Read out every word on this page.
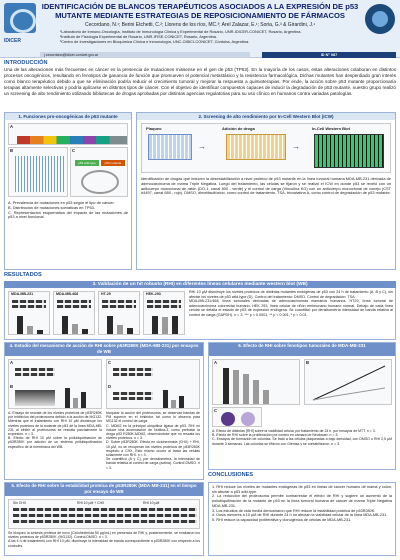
IDICER
IDENTIFICACIÓN DE BLANCOS TERAPÉUTICOS ASOCIADOS A LA EXPRESIÓN DE p53 MUTANTE MEDIANTE ESTRATEGIAS DE REPOSICIONAMIENTO DE FÁRMACOS
Cecordano, N.¹; Berini Etchetti, C.²; Llorens de los ríos, MC.³; Arel Zalazar, E.¹; Soria, G.³ & Girardini, J.¹
¹Laboratorio de Inmuno-Oncología, Instituto de Inmunología Clínica y Experimental de Rosario, UNR-IDICER-CONICET, Rosario, Argentina.
²Instituto de Fisiología Experimental de Rosario, UNR-IFISE-CONICET, Rosario, Argentina.
³Centro de Investigaciones en Bioquímica Clínica e Inmunología, UNC-CIBICI-CONICET, Córdoba, Argentina.
j.cecordano@idicer-conicet.gov.ar	ID N° 087
INTRODUCCIÓN
Una de las alteraciones más frecuentes en cáncer es la presencia de mutaciones missense en el gen de p53 (TP53). En la mayoría de los casos, estas alteraciones colaboran en distintos procesos oncogénicos, resultando en fenotipos de ganancia de función que promueven el potencial metastásico y la resistencia farmacológica. Dichas mutantes han desperdiado gran interés como blanco terapéutico debido a que se eliminación podría reducir el crecimiento tumoral y mejorar la respuesta a quimioterapias. Por ende, la acción sobre p53 mutante proporcionaría terapias altamente selectivas y podría aplicarse en distintos tipos de cáncer. Con el objetivo de identificar compuestos capaces de inducir la degradación de p53 mutante, nuestro grupo realizó un screening de alto rendimiento utilizando bibliotecas de drogas aprobadas por distintas agencias regulatorias para su uso clínico en humanos contra variadas patologías.
1. Funciones pro-oncogénicas de p53 mutante
A
B	C
p53 wild-type	p53 mutante
A. Prevalencia de mutaciones en p53 según el tipo de cáncer.
B. Distribución de mutaciones somáticas en TP53.
C. Representación esquemática del impacto de las mutaciones de p53 a nivel funcional.
2. Screening de alto rendimiento por In-Cell Western Blot (ICW)
Plaqueo	Adición de droga	In-Cell Western Blot
→	→
Identificación de drogas que inducen la desestabilización a nivel proteico de p53 mutante en la línea tumoral humana MDA-MB-231 derivada de adenocarcinoma de mama Triple Negativa. Luego del tratamiento, las células se fijaron y se realizó el ICW en donde p53 se reveló con un anticuerpo monoclonal de ratón (DO-1, canal 800 - verde) y el control de carga (Vinculina KG) con un anticuerpo monoclonal de conejo (CST #4497, canal 680 - rojo). DMSO, dimetilsulfóxido, como control de tratamiento. TSA, tricostatina A, como control de degradación de p53 mutante.
RESULTADOS
3. Validación de un hit robusto (RHI) en diferentes líneas celulares mediante western blot (WB)
MDA-MB-231	MDA-MB-468	HT-29	HEK-293	RHI 10 µM disminuye los niveles proteicos de distintas mutantes endógenas de p53 con 24 h de tratamiento (A, B y C), sin afectar los niveles de p53 wild-type (D). Control del tratamiento: DMSO. Control de degradación: TSA.
MDA-MB-231/468, línea tumorales derivadas de adenocarcinomas mamarios humanos. HT29, línea tumoral de adenocarcinoma colorrectal humano. HEK 293, línea celular de riñón embrionario humano normal. Debajo de cada línea celular se detalla el estado de p53 de expresión endógena. Se cuantificó por densitometría intensidad de banda relativa al control de carga (GAPDH). n = 3. *** p < 0.0001, ** p < 0.001, * p < 0.01.
4. Estudio del mecanismo de acción de RHI sobre p53R280K (MDA-MB-231) por ensayos de WB
A
B
C
D
A. Ensayo de rescate de los niveles proteicos de p53R280K por inhibición del proteosoma debido a la acción de MG132. Mientras que el tratamiento con RHI 10 µM disminuye los niveles proteicos de la mutante de p53 de la línea MDA-MB-231 al inhibir al proteosoma se rescata parcialmente la expresión. n = 3.
B. Efecto de RHI 10 µM sobre la poliubiquitinación de p53R280K por adición de un sistema poliubiquitinación específico de la membrana del WB.
bloquear la acción del proteosoma, se observan bandas de PM superior en el inhibidor, tal como lo observa para MG132 el control de carga.
C. MDM2 es la principal ubiquitina ligasa de p53. RHI no induce una acumulación de Nutlina-3, como pretratar la droga p53 R280K-MDM2, observándose que no rescata los niveles proteicos. n = 3.
D. Sobre p53R280K. Efecto en cicloheximida (CHX) + RHI, 10 µM, no se recuperan los niveles proteicos de p53R280K respecto a CHX. Esto mismo ocurre al tratar las células solamente con RHI. n = 3.
Se cuantificó (A y C), por densitometría, la intensidad de banda relativa al control de carga (actina). Control DMSO. n = 3.
6. Efecto de RHI sobre fenotipos tumorales de MDA-MB-231
A	B
C
A. Efecto de distintas [RHI] sobre la viabilidad celular por tratamiento de 24 h, por ensayos de MTT. n = 3.
B. Efecto de RHI sobre la proliferación por conteo en cámara de Neubauer. n = 3.
C. Ensayos de formación de colonias. Se trató a las células plaqueadas a bajo densidad, con DMSO o RHI 2,5 µM durante 3 semanas. Las colonias se tiñeron con Giemsa y se contabilizaron. n = 3.
5. Efecto de RHI sobre la estabilidad proteica de p53R280K (MDA-MB-231) en el tiempo por ensayo de WB
Sin CHX	RHI 10 µM + CHX	RHI 10 µM
Se bloqueó la síntesis proteica de novo (Cicloheximida 50 µg/mL) en presencia de RHI y, posteriormente, se evaluaron los niveles proteicos de p53R280K, (MG132). Control DMSO. n = 3.
A las 4 h de tratamiento con RHI 10 µM, disminuye la intensidad de banda correspondiente a p53R280K con respecto a los controles.
CONCLUSIONES
1. RHI reduce los niveles de mutantes endógenas de p53 en líneas de cáncer humano de mama y colon, sin afectar a p53 wild-type.
2. La reducción del proteosoma permite contrarrestar el efecto de RHI y sugiere un aumento de la poliubiquitinación de la mutante de p53 en la línea tumoral humana de cáncer de mama Triple Negativa MDA-MB-231.
3. Los estudios de vida media demostraron que RHI reduce la estabilidad proteica de p53R280K.
4. Dosis menores a 10 µM de RHI durante 24 h no afectan la viabilidad celular de la línea MDA-MB-231.
5. RHI reduce la capacidad proliferativa y clonogénica de células de MDA-MB-231.
